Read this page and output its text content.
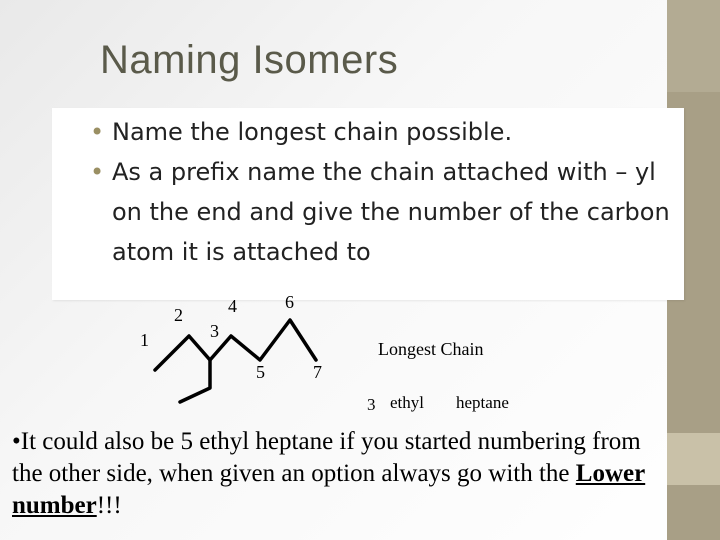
Naming Isomers
• Name the longest chain possible.
• As a prefix name the chain attached with – yl on the end and give the number of the carbon atom it is attached to
1
2
3
4
5
6
7
Longest Chain
3 ethyl heptane

•It could also be 5 ethyl heptane if you started numbering from the other side, when given an option always go with the Lower number!!!
